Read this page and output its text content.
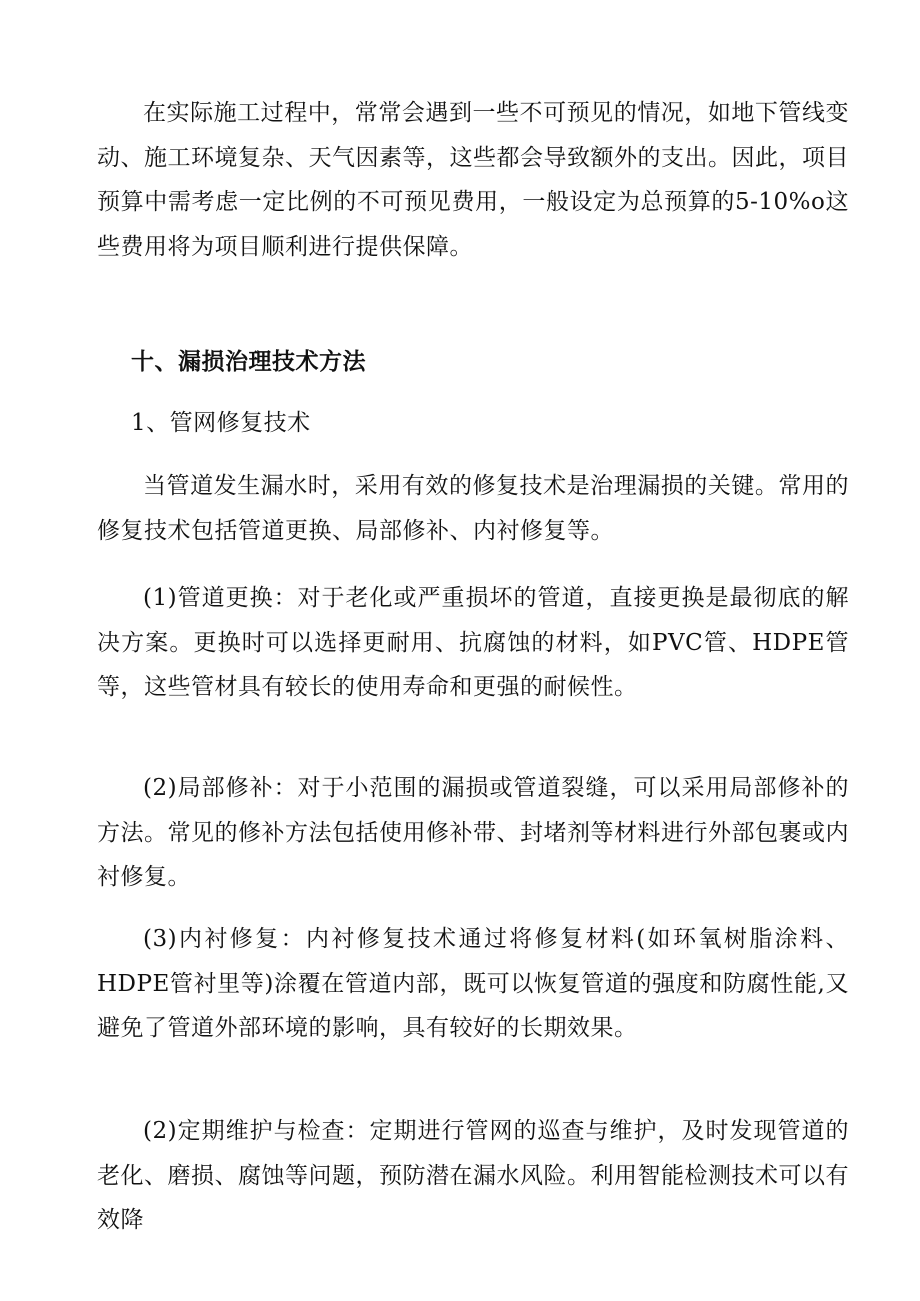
在实际施工过程中，常常会遇到一些不可预见的情况，如地下管线变动、施工环境复杂、天气因素等，这些都会导致额外的支出。因此，项目预算中需考虑一定比例的不可预见费用，一般设定为总预算的5-10%o这些费用将为项目顺利进行提供保障。

十、漏损治理技术方法

1、管网修复技术

当管道发生漏水时，采用有效的修复技术是治理漏损的关键。常用的修复技术包括管道更换、局部修补、内衬修复等。

(1)管道更换：对于老化或严重损坏的管道，直接更换是最彻底的解决方案。更换时可以选择更耐用、抗腐蚀的材料，如PVC管、HDPE管等，这些管材具有较长的使用寿命和更强的耐候性。

(2)局部修补：对于小范围的漏损或管道裂缝，可以采用局部修补的方法。常见的修补方法包括使用修补带、封堵剂等材料进行外部包裹或内衬修复。

(3)内衬修复：内衬修复技术通过将修复材料(如环氧树脂涂料、HDPE管衬里等)涂覆在管道内部，既可以恢复管道的强度和防腐性能,又避免了管道外部环境的影响，具有较好的长期效果。

(2)定期维护与检查：定期进行管网的巡查与维护，及时发现管道的老化、磨损、腐蚀等问题，预防潜在漏水风险。利用智能检测技术可以有效降
